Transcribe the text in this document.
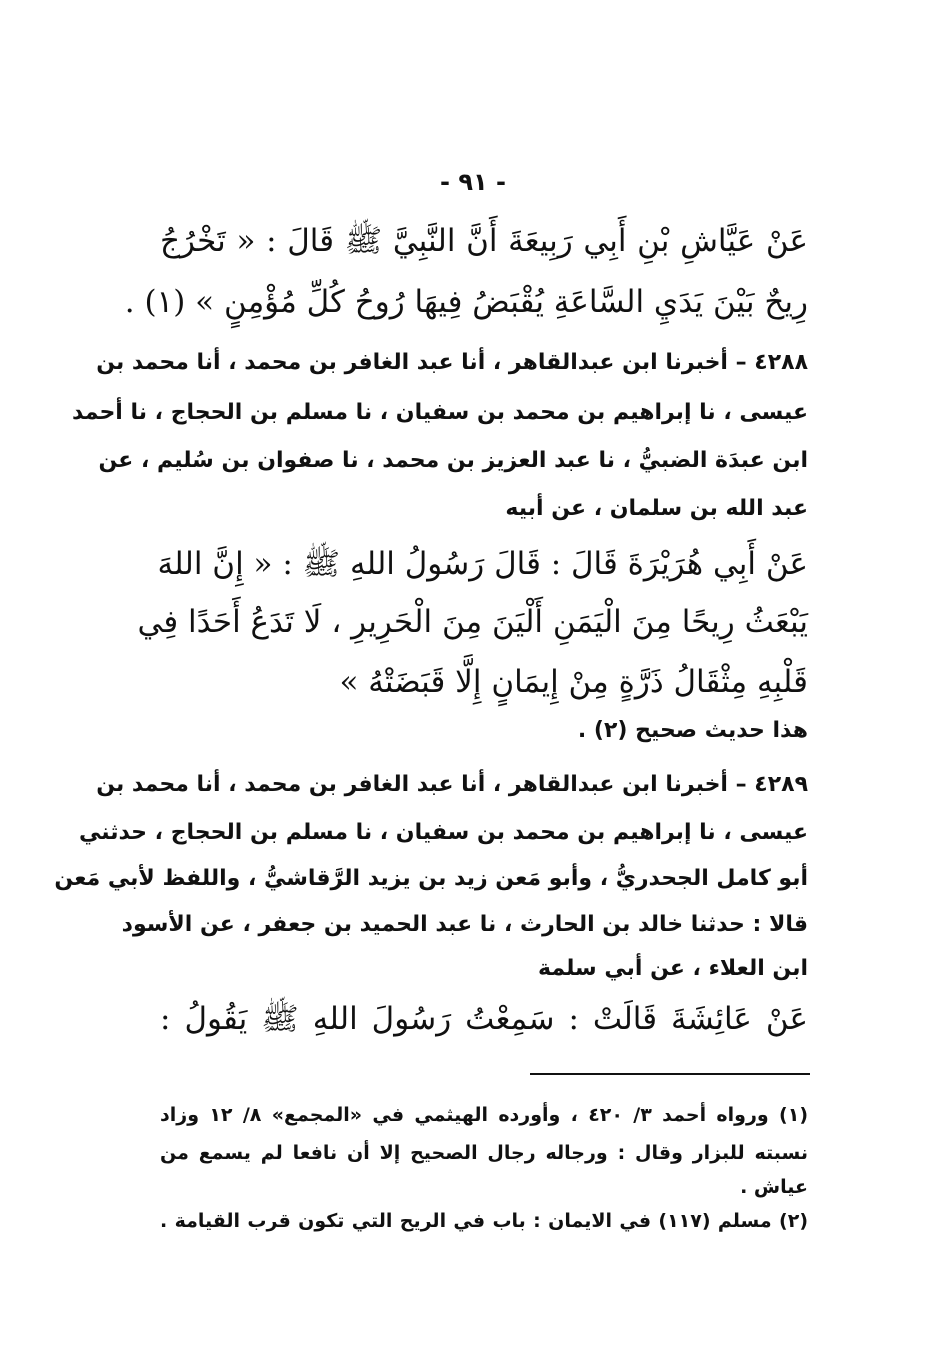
- ٩١ -
عَنْ عَيَّاشِ بْنِ أَبِي رَبِيعَةَ أَنَّ النَّبِيَّ ﷺ قَالَ : « تَخْرُجُ
رِيحٌ بَيْنَ يَدَيِ السَّاعَةِ يُقْبَضُ فِيهَا رُوحُ كُلِّ مُؤْمِنٍ » (١) .
٤٢٨٨ – أخبرنا ابن عبدالقاهر ، أنا عبد الغافر بن محمد ، أنا محمد بن
عيسى ، نا إبراهيم بن محمد بن سفيان ، نا مسلم بن الحجاج ، نا أحمد
ابن عبدَة الضبيُّ ، نا عبد العزيز بن محمد ، نا صفوان بن سُليم ، عن
عبد الله بن سلمان ، عن أبيه
عَنْ أَبِي هُرَيْرَةَ قَالَ : قَالَ رَسُولُ اللهِ ﷺ : « إِنَّ اللهَ
يَبْعَثُ رِيحًا مِنَ الْيَمَنِ أَلْيَنَ مِنَ الْحَرِيرِ ، لَا تَدَعُ أَحَدًا فِي
قَلْبِهِ مِثْقَالُ ذَرَّةٍ مِنْ إِيمَانٍ إِلَّا قَبَضَتْهُ »
هذا حديث صحيح (٢) .
٤٢٨٩ – أخبرنا ابن عبدالقاهر ، أنا عبد الغافر بن محمد ، أنا محمد بن
عيسى ، نا إبراهيم بن محمد بن سفيان ، نا مسلم بن الحجاج ، حدثني
أبو كامل الجحدريُّ ، وأبو مَعن زيد بن يزيد الرَّقاشيُّ ، واللفظ لأبي مَعن
قالا : حدثنا خالد بن الحارث ، نا عبد الحميد بن جعفر ، عن الأسود
ابن العلاء ، عن أبي سلمة
عَنْ عَائِشَةَ قَالَتْ : سَمِعْتُ رَسُولَ اللهِ ﷺ يَقُولُ :
(١) ورواه أحمد ٣/ ٤٢٠ ، وأورده الهيثمي في «المجمع» ٨/ ١٢ وزاد
نسبته للبزار وقال : ورجاله رجال الصحيح إلا أن نافعا لم يسمع من
عياش .
(٢) مسلم (١١٧) في الايمان : باب في الريح التي تكون قرب القيامة .
